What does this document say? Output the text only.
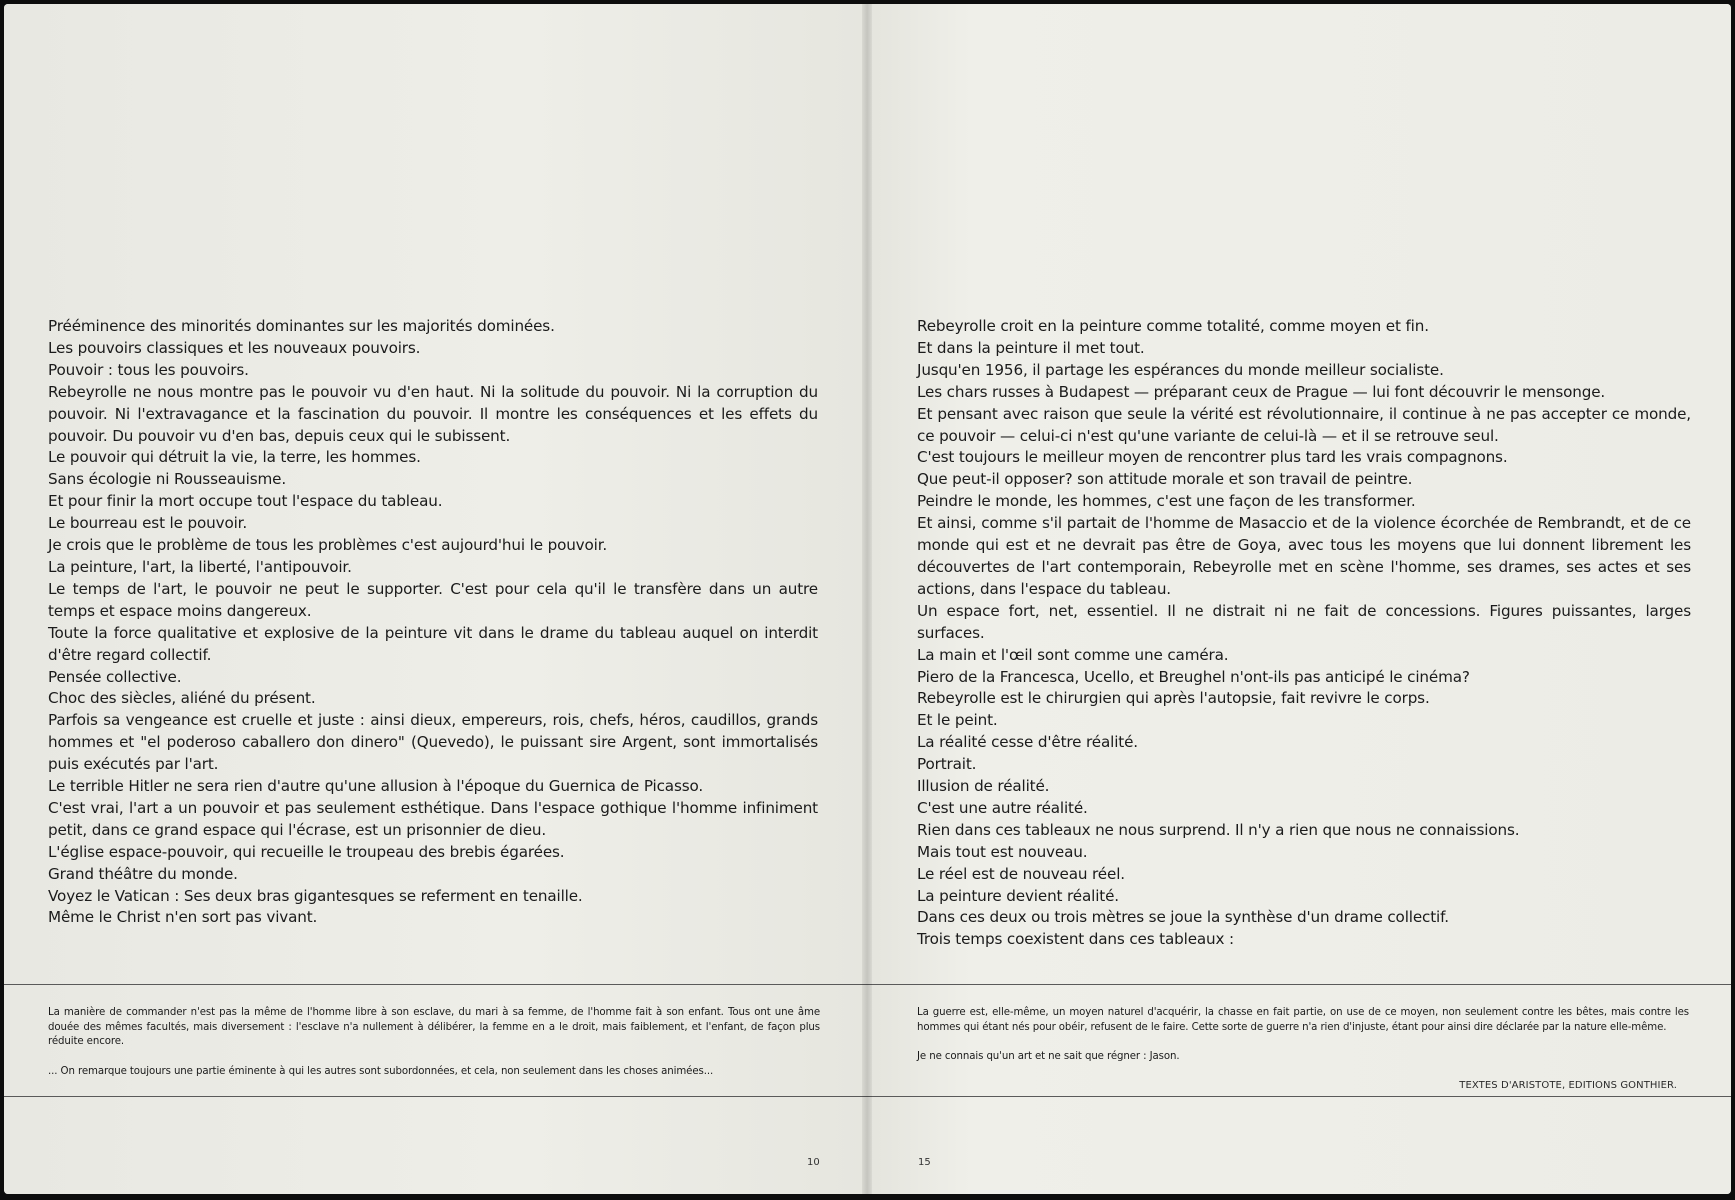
Prééminence des minorités dominantes sur les majorités dominées.

Les pouvoirs classiques et les nouveaux pouvoirs.

Pouvoir : tous les pouvoirs.

Rebeyrolle ne nous montre pas le pouvoir vu d'en haut. Ni la solitude du pouvoir. Ni la corruption du pouvoir. Ni l'extravagance et la fascination du pouvoir. Il montre les conséquences et les effets du pouvoir. Du pouvoir vu d'en bas, depuis ceux qui le subissent.

Le pouvoir qui détruit la vie, la terre, les hommes.

Sans écologie ni Rousseauisme.

Et pour finir la mort occupe tout l'espace du tableau.

Le bourreau est le pouvoir.

Je crois que le problème de tous les problèmes c'est aujourd'hui le pouvoir.

La peinture, l'art, la liberté, l'antipouvoir.

Le temps de l'art, le pouvoir ne peut le supporter. C'est pour cela qu'il le transfère dans un autre temps et espace moins dangereux.

Toute la force qualitative et explosive de la peinture vit dans le drame du tableau auquel on interdit d'être regard collectif.

Pensée collective.

Choc des siècles, aliéné du présent.

Parfois sa vengeance est cruelle et juste : ainsi dieux, empereurs, rois, chefs, héros, caudillos, grands hommes et "el poderoso caballero don dinero" (Quevedo), le puissant sire Argent, sont immortalisés puis exécutés par l'art.

Le terrible Hitler ne sera rien d'autre qu'une allusion à l'époque du Guernica de Picasso.

C'est vrai, l'art a un pouvoir et pas seulement esthétique. Dans l'espace gothique l'homme infiniment petit, dans ce grand espace qui l'écrase, est un prisonnier de dieu.

L'église espace-pouvoir, qui recueille le troupeau des brebis égarées.

Grand théâtre du monde.

Voyez le Vatican : Ses deux bras gigantesques se referment en tenaille.

Même le Christ n'en sort pas vivant.

La manière de commander n'est pas la même de l'homme libre à son esclave, du mari à sa femme, de l'homme fait à son enfant. Tous ont une âme douée des mêmes facultés, mais diversement : l'esclave n'a nullement à délibérer, la femme en a le droit, mais faiblement, et l'enfant, de façon plus réduite encore.

... On remarque toujours une partie éminente à qui les autres sont subordonnées, et cela, non seulement dans les choses animées...

10

Rebeyrolle croit en la peinture comme totalité, comme moyen et fin.

Et dans la peinture il met tout.

Jusqu'en 1956, il partage les espérances du monde meilleur socialiste.

Les chars russes à Budapest — préparant ceux de Prague — lui font découvrir le mensonge.

Et pensant avec raison que seule la vérité est révolutionnaire, il continue à ne pas accepter ce monde, ce pouvoir — celui-ci n'est qu'une variante de celui-là — et il se retrouve seul.

C'est toujours le meilleur moyen de rencontrer plus tard les vrais compagnons.

Que peut-il opposer? son attitude morale et son travail de peintre.

Peindre le monde, les hommes, c'est une façon de les transformer.

Et ainsi, comme s'il partait de l'homme de Masaccio et de la violence écorchée de Rembrandt, et de ce monde qui est et ne devrait pas être de Goya, avec tous les moyens que lui donnent librement les découvertes de l'art contemporain, Rebeyrolle met en scène l'homme, ses drames, ses actes et ses actions, dans l'espace du tableau.

Un espace fort, net, essentiel. Il ne distrait ni ne fait de concessions. Figures puissantes, larges surfaces.

La main et l'œil sont comme une caméra.

Piero de la Francesca, Ucello, et Breughel n'ont-ils pas anticipé le cinéma?

Rebeyrolle est le chirurgien qui après l'autopsie, fait revivre le corps.

Et le peint.

La réalité cesse d'être réalité.

Portrait.

Illusion de réalité.

C'est une autre réalité.

Rien dans ces tableaux ne nous surprend. Il n'y a rien que nous ne connaissions.

Mais tout est nouveau.

Le réel est de nouveau réel.

La peinture devient réalité.

Dans ces deux ou trois mètres se joue la synthèse d'un drame collectif.

Trois temps coexistent dans ces tableaux :

La guerre est, elle-même, un moyen naturel d'acquérir, la chasse en fait partie, on use de ce moyen, non seulement contre les bêtes, mais contre les hommes qui étant nés pour obéir, refusent de le faire. Cette sorte de guerre n'a rien d'injuste, étant pour ainsi dire déclarée par la nature elle-même.

Je ne connais qu'un art et ne sait que régner : Jason.

TEXTES D'ARISTOTE, EDITIONS GONTHIER.
15
